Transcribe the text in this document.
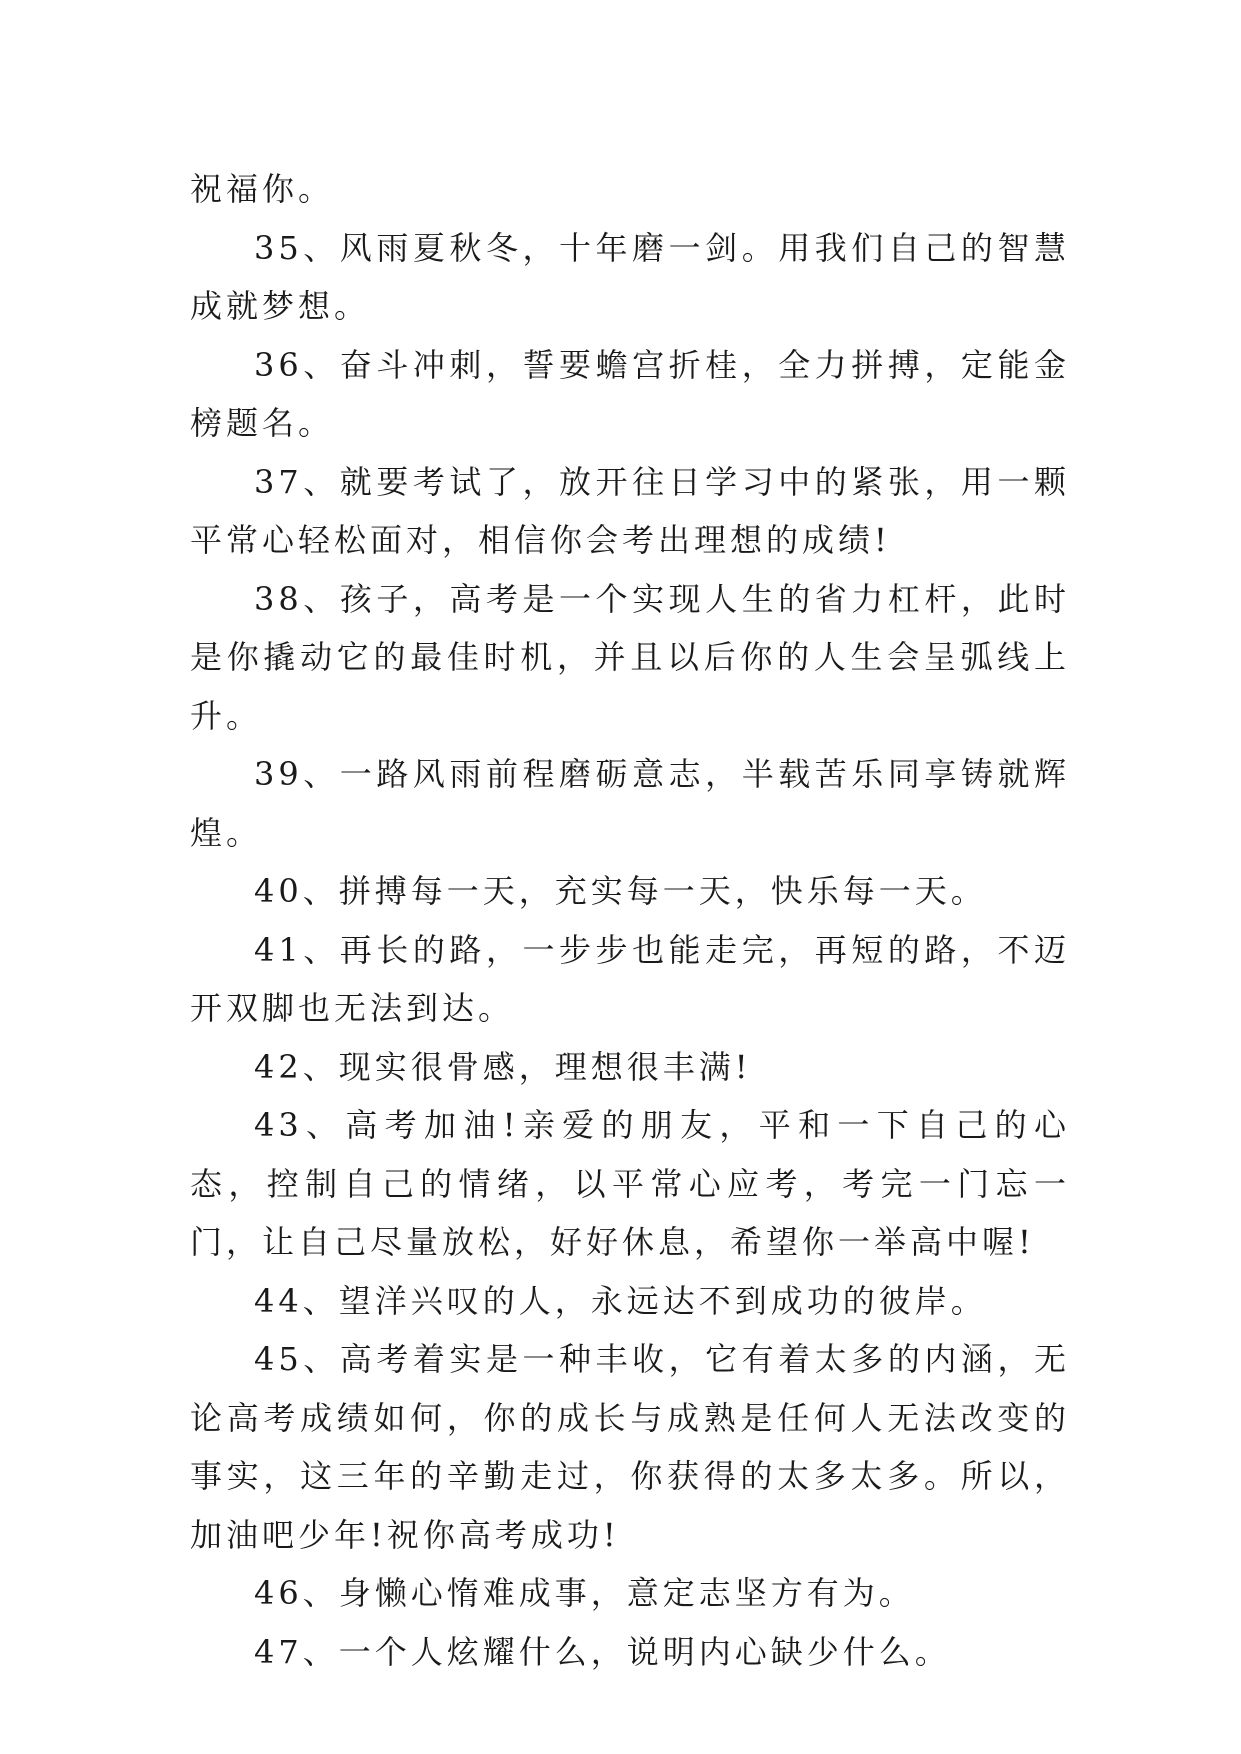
祝福你。

35、风雨夏秋冬，十年磨一剑。用我们自己的智慧成就梦想。

36、奋斗冲刺，誓要蟾宫折桂，全力拼搏，定能金榜题名。

37、就要考试了，放开往日学习中的紧张，用一颗平常心轻松面对，相信你会考出理想的成绩!

38、孩子，高考是一个实现人生的省力杠杆，此时是你撬动它的最佳时机，并且以后你的人生会呈弧线上升。

39、一路风雨前程磨砺意志，半载苦乐同享铸就辉煌。

40、拼搏每一天，充实每一天，快乐每一天。

41、再长的路，一步步也能走完，再短的路，不迈开双脚也无法到达。

42、现实很骨感，理想很丰满!

43、高考加油!亲爱的朋友，平和一下自己的心态，控制自己的情绪，以平常心应考，考完一门忘一门，让自己尽量放松，好好休息，希望你一举高中喔!

44、望洋兴叹的人，永远达不到成功的彼岸。

45、高考着实是一种丰收，它有着太多的内涵，无论高考成绩如何，你的成长与成熟是任何人无法改变的事实，这三年的辛勤走过，你获得的太多太多。所以，加油吧少年!祝你高考成功!

46、身懒心惰难成事，意定志坚方有为。

47、一个人炫耀什么，说明内心缺少什么。
